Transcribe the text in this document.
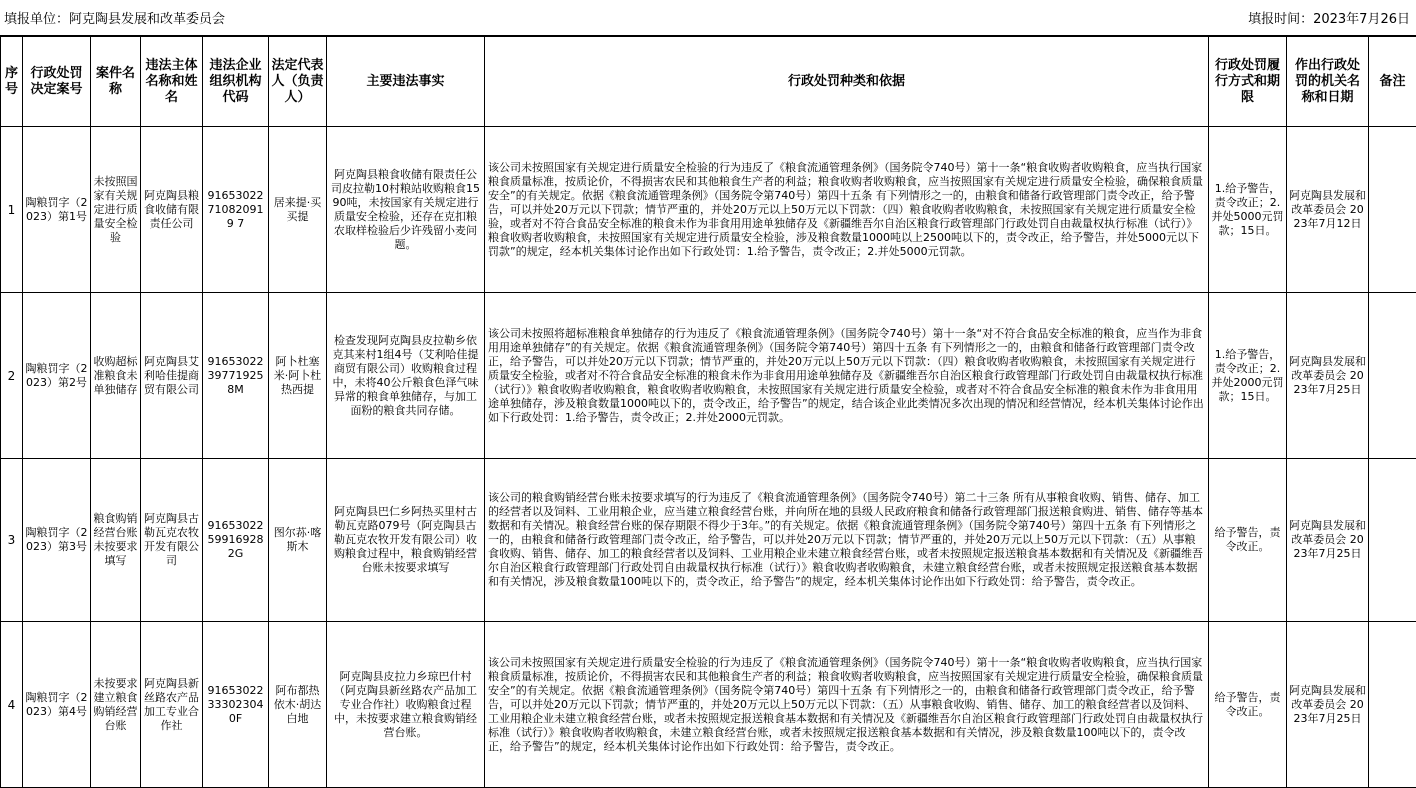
填报单位：阿克陶县发展和改革委员会	填报时间：2023年7月26日
序号	行政处罚决定案号	案件名称	违法主体名称和姓名	违法企业组织机构代码	法定代表人（负责人）	主要违法事实	行政处罚种类和依据	行政处罚履行方式和期限	作出行政处罚的机关名称和日期	备注
1	陶粮罚字（2023）第1号	未按照国家有关规定进行质量安全检验	阿克陶县粮食收储有限责任公司	91653022710820919 7	居来提·买买提	阿克陶县粮食收储有限责任公司皮拉勒10村粮站收购粮食1590吨，未按国家有关规定进行质量安全检验，还存在克扣粮农取样检验后少许残留小麦问题。	该公司未按照国家有关规定进行质量安全检验的行为违反了《粮食流通管理条例》（国务院令740号）第十一条“粮食收购者收购粮食，应当执行国家粮食质量标准，按质论价，不得损害农民和其他粮食生产者的利益；粮食收购者收购粮食，应当按照国家有关规定进行质量安全检验，确保粮食质量安全”的有关规定。依据《粮食流通管理条例》（国务院令第740号）第四十五条 有下列情形之一的，由粮食和储备行政管理部门责令改正，给予警告，可以并处20万元以下罚款；情节严重的，并处20万元以上50万元以下罚款：（四）粮食收购者收购粮食，未按照国家有关规定进行质量安全检验，或者对不符合食品安全标准的粮食未作为非食用用途单独储存及《新疆维吾尔自治区粮食行政管理部门行政处罚自由裁量权执行标准（试行）》粮食收购者收购粮食，未按照国家有关规定进行质量安全检验，涉及粮食数量1000吨以上2500吨以下的，责令改正，给予警告，并处5000元以下罚款”的规定，经本机关集体讨论作出如下行政处罚：1.给予警告，责令改正；2.并处5000元罚款。	1.给予警告，责令改正；2.并处5000元罚款；15日。	阿克陶县发展和改革委员会 2023年7月12日	
2	陶粮罚字（2023）第2号	收购超标准粮食未单独储存	阿克陶县艾利哈佳提商贸有限公司	91653022397719258M	阿卜杜塞米·阿卜杜热西提	检查发现阿克陶县皮拉勒乡依克其来村1组4号（艾利哈佳提商贸有限公司）收购粮食过程中，未将40公斤粮食色泽气味异常的粮食单独储存，与加工面粉的粮食共同存储。	该公司未按照将超标准粮食单独储存的行为违反了《粮食流通管理条例》（国务院令740号）第十一条“对不符合食品安全标准的粮食，应当作为非食用用途单独储存”的有关规定。依据《粮食流通管理条例》（国务院令第740号）第四十五条 有下列情形之一的，由粮食和储备行政管理部门责令改正，给予警告，可以并处20万元以下罚款；情节严重的，并处20万元以上50万元以下罚款：（四）粮食收购者收购粮食，未按照国家有关规定进行质量安全检验，或者对不符合食品安全标准的粮食未作为非食用用途单独储存及《新疆维吾尔自治区粮食行政管理部门行政处罚自由裁量权执行标准（试行）》粮食收购者收购粮食，粮食收购者收购粮食，未按照国家有关规定进行质量安全检验，或者对不符合食品安全标准的粮食未作为非食用用途单独储存，涉及粮食数量1000吨以下的，责令改正，给予警告”的规定，结合该企业此类情况多次出现的情况和经营情况，经本机关集体讨论作出如下行政处罚：1.给予警告，责令改正；2.并处2000元罚款。	1.给予警告，责令改正；2.并处2000元罚款；15日。	阿克陶县发展和改革委员会 2023年7月25日	
3	陶粮罚字（2023）第3号	粮食购销经营台账未按要求填写	阿克陶县古勒瓦克农牧开发有限公司	91653022599169282G	图尔荪·喀斯木	阿克陶县巴仁乡阿热买里村古勒瓦克路079号（阿克陶县古勒瓦克农牧开发有限公司）收购粮食过程中，粮食购销经营台账未按要求填写	该公司的粮食购销经营台账未按要求填写的行为违反了《粮食流通管理条例》（国务院令740号）第二十三条 所有从事粮食收购、销售、储存、加工的经营者以及饲料、工业用粮企业，应当建立粮食经营台账，并向所在地的县级人民政府粮食和储备行政管理部门报送粮食购进、销售、储存等基本数据和有关情况。粮食经营台账的保存期限不得少于3年。”的有关规定。依据《粮食流通管理条例》（国务院令第740号）第四十五条 有下列情形之一的，由粮食和储备行政管理部门责令改正，给予警告，可以并处20万元以下罚款；情节严重的，并处20万元以上50万元以下罚款：（五）从事粮食收购、销售、储存、加工的粮食经营者以及饲料、工业用粮企业未建立粮食经营台账，或者未按照规定报送粮食基本数据和有关情况及《新疆维吾尔自治区粮食行政管理部门行政处罚自由裁量权执行标准（试行）》粮食收购者收购粮食，未建立粮食经营台账，或者未按照规定报送粮食基本数据和有关情况，涉及粮食数量100吨以下的，责令改正，给予警告”的规定，经本机关集体讨论作出如下行政处罚：给予警告，责令改正。	给予警告，责令改正。	阿克陶县发展和改革委员会 2023年7月25日	
4	陶粮罚字（2023）第4号	未按要求建立粮食购销经营台账	阿克陶县新丝路农产品加工专业合作社	91653022333023040F	阿布都热依木·胡达白地	阿克陶县皮拉力乡琼巴什村（阿克陶县新丝路农产品加工专业合作社）收购粮食过程中，未按要求建立粮食购销经营台账。	该公司未按照国家有关规定进行质量安全检验的行为违反了《粮食流通管理条例》（国务院令740号）第十一条“粮食收购者收购粮食，应当执行国家粮食质量标准，按质论价，不得损害农民和其他粮食生产者的利益；粮食收购者收购粮食，应当按照国家有关规定进行质量安全检验，确保粮食质量安全”的有关规定。依据《粮食流通管理条例》（国务院令第740号）第四十五条 有下列情形之一的，由粮食和储备行政管理部门责令改正，给予警告，可以并处20万元以下罚款；情节严重的，并处20万元以上50万元以下罚款：（五）从事粮食收购、销售、储存、加工的粮食经营者以及饲料、工业用粮企业未建立粮食经营台账，或者未按照规定报送粮食基本数据和有关情况及《新疆维吾尔自治区粮食行政管理部门行政处罚自由裁量权执行标准（试行）》粮食收购者收购粮食，未建立粮食经营台账，或者未按照规定报送粮食基本数据和有关情况，涉及粮食数量100吨以下的，责令改正，给予警告”的规定，经本机关集体讨论作出如下行政处罚：给予警告，责令改正。	给予警告，责令改正。	阿克陶县发展和改革委员会 2023年7月25日	
